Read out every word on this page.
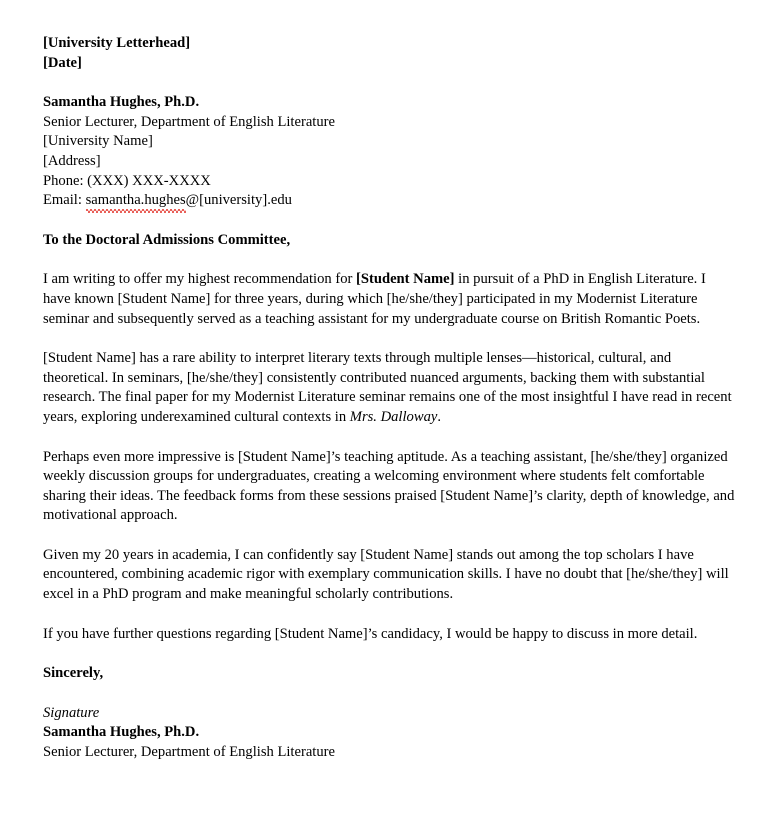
[University Letterhead]
[Date]
Samantha Hughes, Ph.D.
Senior Lecturer, Department of English Literature
[University Name]
[Address]
Phone: (XXX) XXX-XXXX
Email: samantha.hughes@[university].edu
To the Doctoral Admissions Committee,

I am writing to offer my highest recommendation for [Student Name] in pursuit of a PhD in English Literature. I have known [Student Name] for three years, during which [he/she/they] participated in my Modernist Literature seminar and subsequently served as a teaching assistant for my undergraduate course on British Romantic Poets.

[Student Name] has a rare ability to interpret literary texts through multiple lenses—historical, cultural, and theoretical. In seminars, [he/she/they] consistently contributed nuanced arguments, backing them with substantial research. The final paper for my Modernist Literature seminar remains one of the most insightful I have read in recent years, exploring underexamined cultural contexts in Mrs. Dalloway.

Perhaps even more impressive is [Student Name]’s teaching aptitude. As a teaching assistant, [he/she/they] organized weekly discussion groups for undergraduates, creating a welcoming environment where students felt comfortable sharing their ideas. The feedback forms from these sessions praised [Student Name]’s clarity, depth of knowledge, and motivational approach.

Given my 20 years in academia, I can confidently say [Student Name] stands out among the top scholars I have encountered, combining academic rigor with exemplary communication skills. I have no doubt that [he/she/they] will excel in a PhD program and make meaningful scholarly contributions.

If you have further questions regarding [Student Name]’s candidacy, I would be happy to discuss in more detail.

Sincerely,
Signature
Samantha Hughes, Ph.D.
Senior Lecturer, Department of English Literature
